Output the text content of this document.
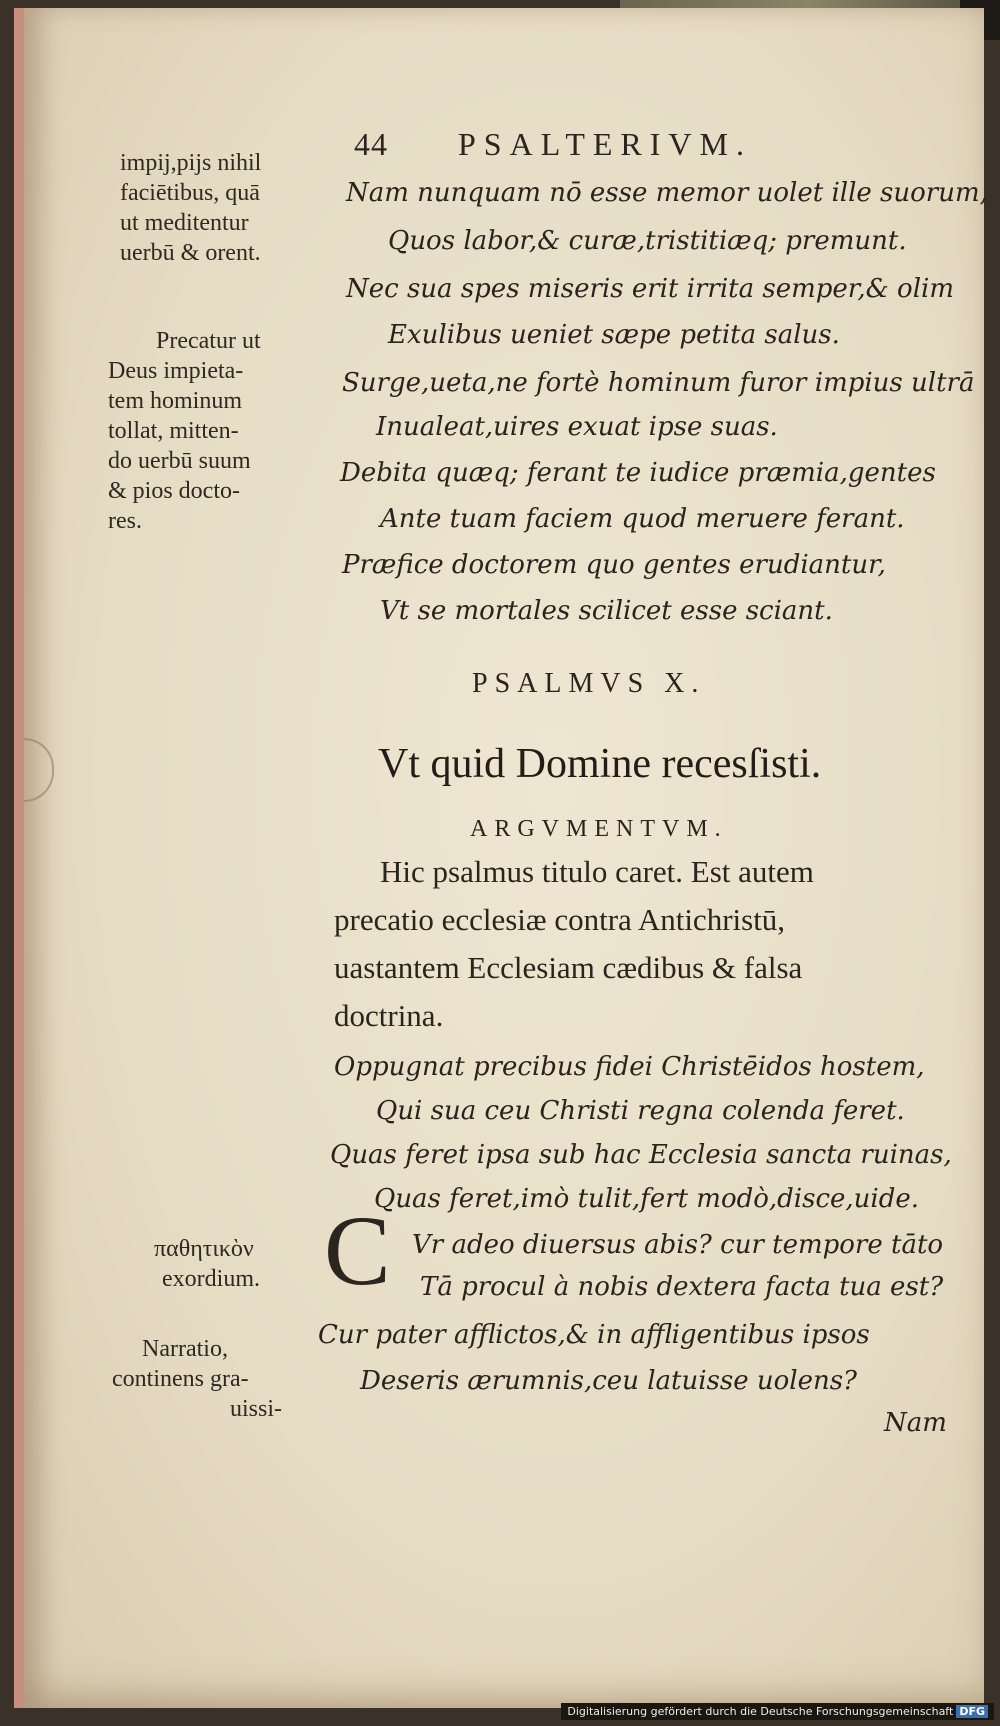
44 PSALTERIVM.
impij,pijs nihil
faciētibus, quā
ut meditentur
uerbū & orent.
Precatur ut
Deus impieta-
tem hominum
tollat, mitten-
do uerbū suum
& pios docto-
res.
Nam nunquam nō esse memor uolet ille suorum,
Quos labor,& curæ,tristitiæq; premunt.
Nec sua spes miseris erit irrita semper,& olim
Exulibus ueniet sæpe petita salus.
Surge,ueta,ne fortè hominum furor impius ultrā
Inualeat,uires exuat ipse suas.
Debita quæq; ferant te iudice præmia,gentes
Ante tuam faciem quod meruere ferant.
Præfice doctorem quo gentes erudiantur,
Vt se mortales scilicet esse sciant.
PSALMVS X.
Vt quid Domine recesſisti.
ARGVMENTVM.
Hic psalmus titulo caret. Est autem
precatio ecclesiæ contra Antichristū,
uastantem Ecclesiam cædibus & falsa
doctrina.
Oppugnat precibus fidei Christēidos hostem,
Qui sua ceu Christi regna colenda feret.
Quas feret ipsa sub hac Ecclesia sancta ruinas,
Quas feret,imò tulit,fert modò,disce,uide.
παθητικὸν
exordium.
Narratio,
continens gra-
uissi-
C Vr adeo diuersus abis? cur tempore tāto
Tā procul à nobis dextera facta tua est?
Cur pater afflictos,& in affligentibus ipsos
Deseris ærumnis,ceu latuisse uolens?
Nam
Digitalisierung gefördert durch die Deutsche Forschungsgemeinschaft DFG
